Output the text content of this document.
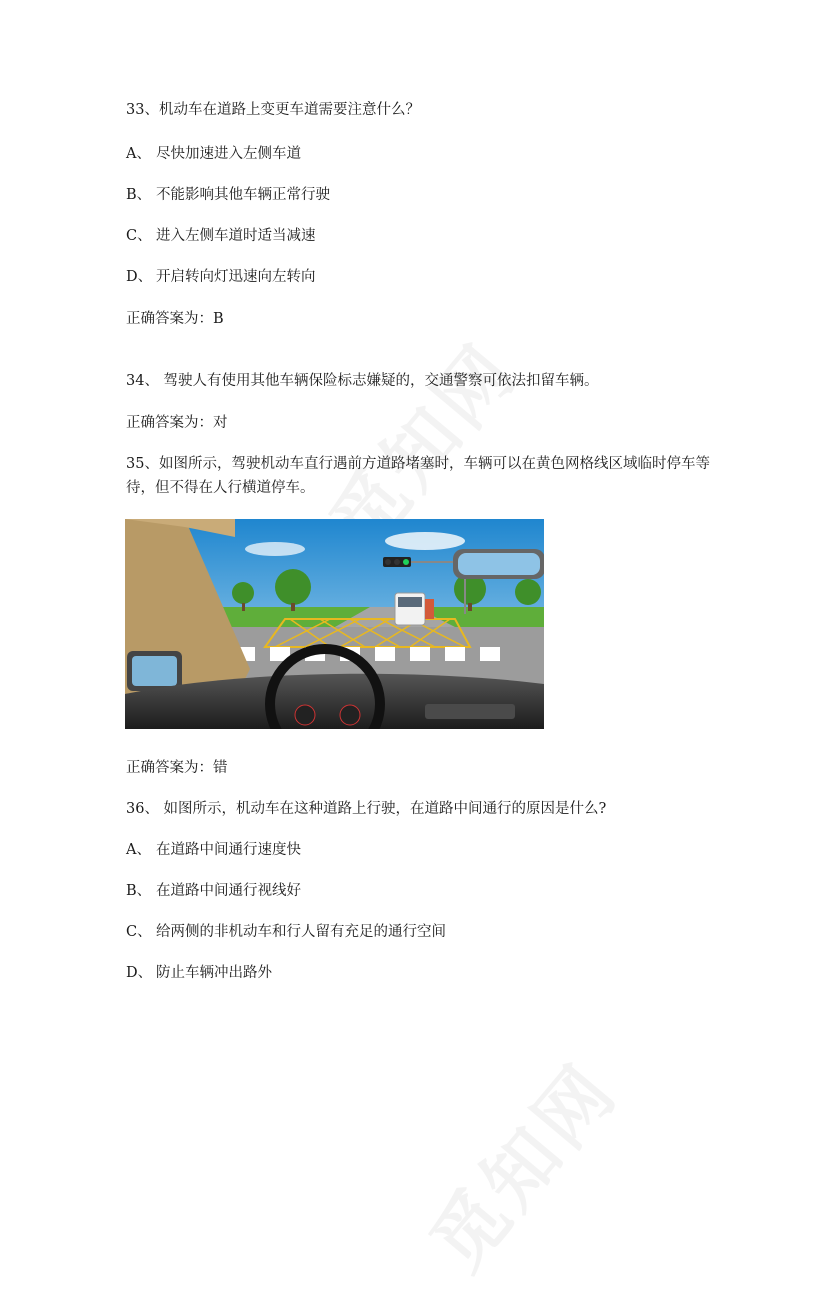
33、机动车在道路上变更车道需要注意什么？
A、 尽快加速进入左侧车道
B、 不能影响其他车辆正常行驶
C、 进入左侧车道时适当减速
D、 开启转向灯迅速向左转向
正确答案为：B
34、 驾驶人有使用其他车辆保险标志嫌疑的，交通警察可依法扣留车辆。
正确答案为：对
35、如图所示，驾驶机动车直行遇前方道路堵塞时，车辆可以在黄色网格线区域临时停车等待，但不得在人行横道停车。
正确答案为：错
36、 如图所示，机动车在这种道路上行驶，在道路中间通行的原因是什么?
A、 在道路中间通行速度快
B、 在道路中间通行视线好
C、 给两侧的非机动车和行人留有充足的通行空间
D、 防止车辆冲出路外
